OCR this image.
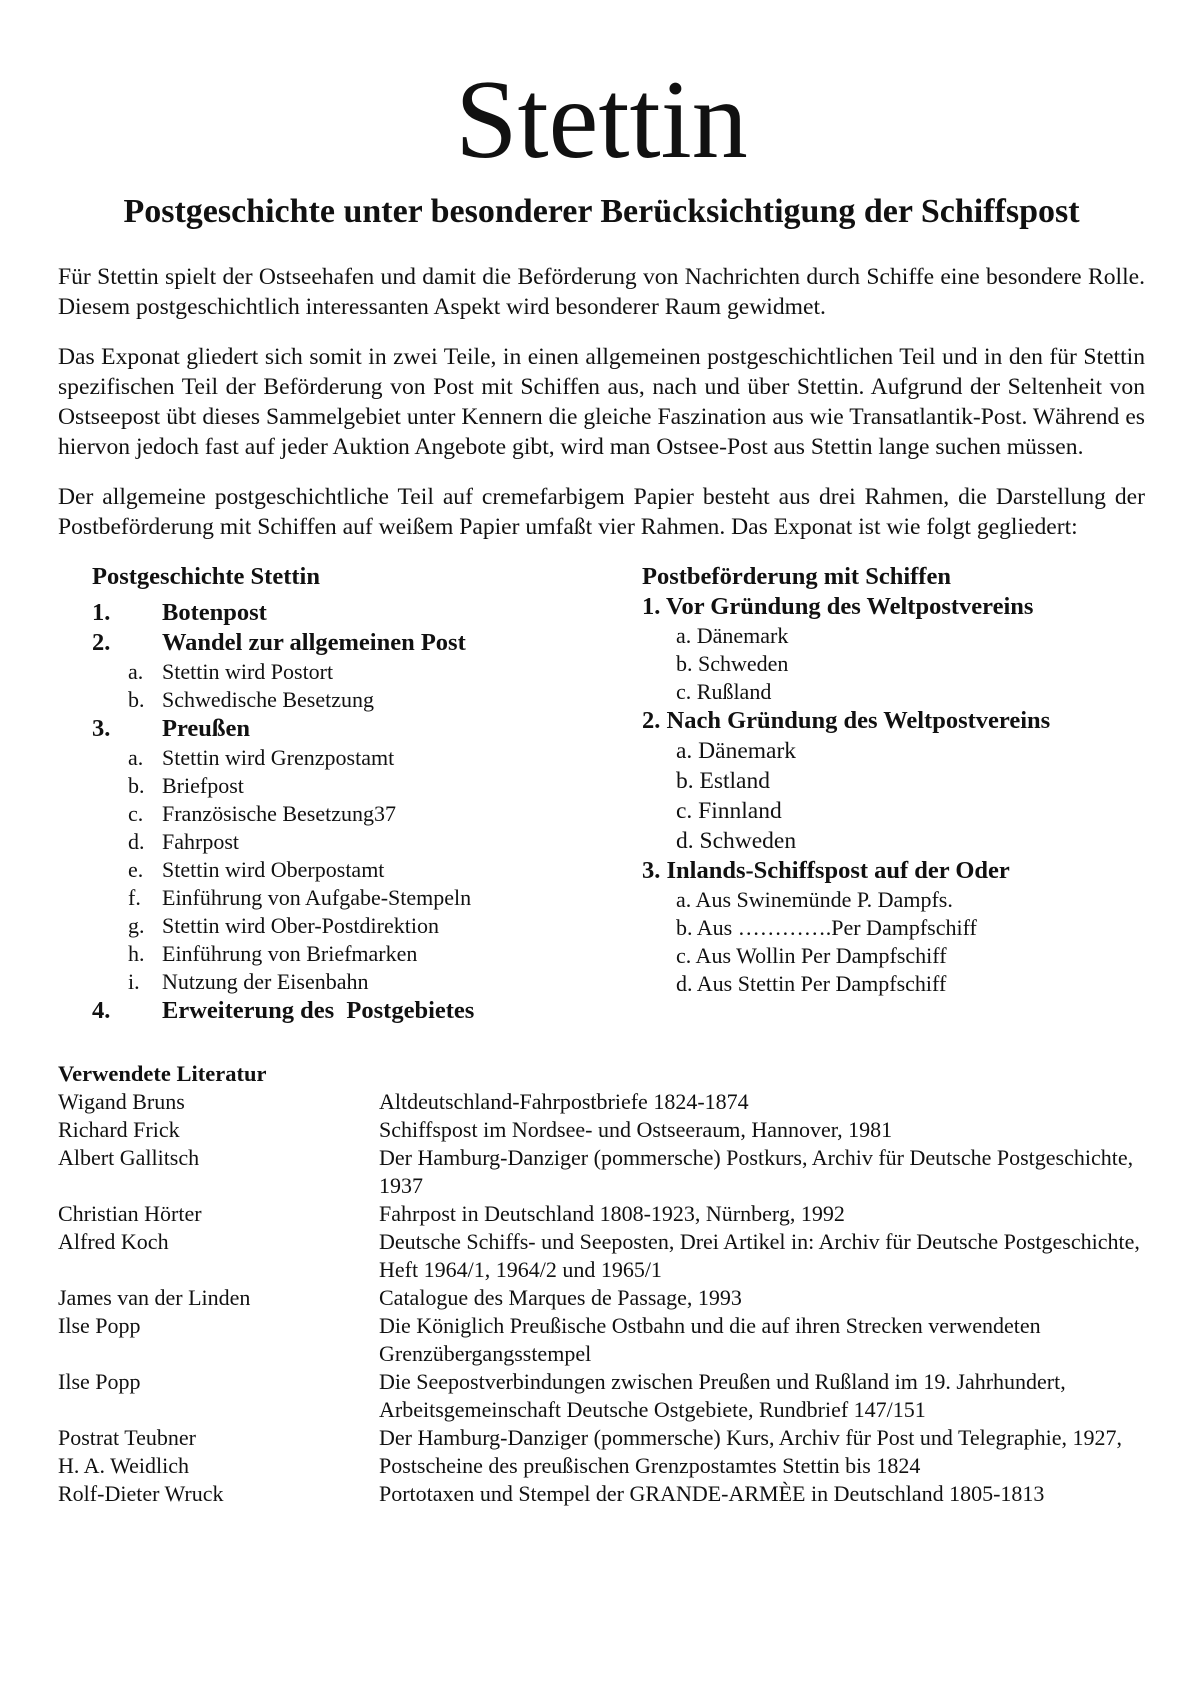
Stettin
Postgeschichte unter besonderer Berücksichtigung der Schiffspost

Für Stettin spielt der Ostseehafen und damit die Beförderung von Nachrichten durch Schiffe eine besondere Rolle. Diesem postgeschichtlich interessanten Aspekt wird besonderer Raum gewidmet.

Das Exponat gliedert sich somit in zwei Teile, in einen allgemeinen postgeschichtlichen Teil und in den für Stettin spezifischen Teil der Beförderung von Post mit Schiffen aus, nach und über Stettin. Aufgrund der Seltenheit von Ostseepost übt dieses Sammelgebiet unter Kennern die gleiche Faszination aus wie Transatlantik-Post. Während es hiervon jedoch fast auf jeder Auktion Angebote gibt, wird man Ostsee-Post aus Stettin lange suchen müssen.

Der allgemeine postgeschichtliche Teil auf cremefarbigem Papier besteht aus drei Rahmen, die Darstellung der Postbeförderung mit Schiffen auf weißem Papier umfaßt vier Rahmen. Das Exponat ist wie folgt gegliedert:

Postgeschichte Stettin
1.	Botenpost
2.	Wandel zur allgemeinen Post
a. Stettin wird Postort
b. Schwedische Besetzung
3.	Preußen
a. Stettin wird Grenzpostamt
b. Briefpost
c. Französische Besetzung37
d. Fahrpost
e. Stettin wird Oberpostamt
f. Einführung von Aufgabe-Stempeln
g. Stettin wird Ober-Postdirektion
h. Einführung von Briefmarken
i.	Nutzung der Eisenbahn
4.	Erweiterung des  Postgebietes
Postbeförderung mit Schiffen
1. Vor Gründung des Weltpostvereins
a. Dänemark
b. Schweden
c. Rußland
2. Nach Gründung des Weltpostvereins
a. Dänemark
b. Estland
c. Finnland
d. Schweden
3. Inlands-Schiffspost auf der Oder
a. Aus Swinemünde P. Dampfs.
b. Aus ………….Per Dampfschiff
c. Aus Wollin Per Dampfschiff
d. Aus Stettin Per Dampfschiff
Verwendete Literatur
Wigand Bruns	Altdeutschland-Fahrpostbriefe 1824-1874
Richard Frick	Schiffspost im Nordsee- und Ostseeraum, Hannover, 1981
Albert Gallitsch	Der Hamburg-Danziger (pommersche) Postkurs, Archiv für Deutsche Postgeschichte, 1937
Christian Hörter	Fahrpost in Deutschland 1808-1923, Nürnberg, 1992
Alfred Koch	Deutsche Schiffs- und Seeposten, Drei Artikel in: Archiv für Deutsche Postgeschichte, Heft 1964/1, 1964/2 und 1965/1
James van der Linden	Catalogue des Marques de Passage, 1993
Ilse Popp	Die Königlich Preußische Ostbahn und die auf ihren Strecken verwendeten Grenzübergangsstempel
Ilse Popp	Die Seepostverbindungen zwischen Preußen und Rußland im 19. Jahrhundert, Arbeitsgemeinschaft Deutsche Ostgebiete, Rundbrief 147/151
Postrat Teubner	Der Hamburg-Danziger (pommersche) Kurs, Archiv für Post und Telegraphie, 1927,
H. A. Weidlich	Postscheine des preußischen Grenzpostamtes Stettin bis 1824
Rolf-Dieter Wruck	Portotaxen und Stempel der GRANDE-ARMÈE in Deutschland 1805-1813
